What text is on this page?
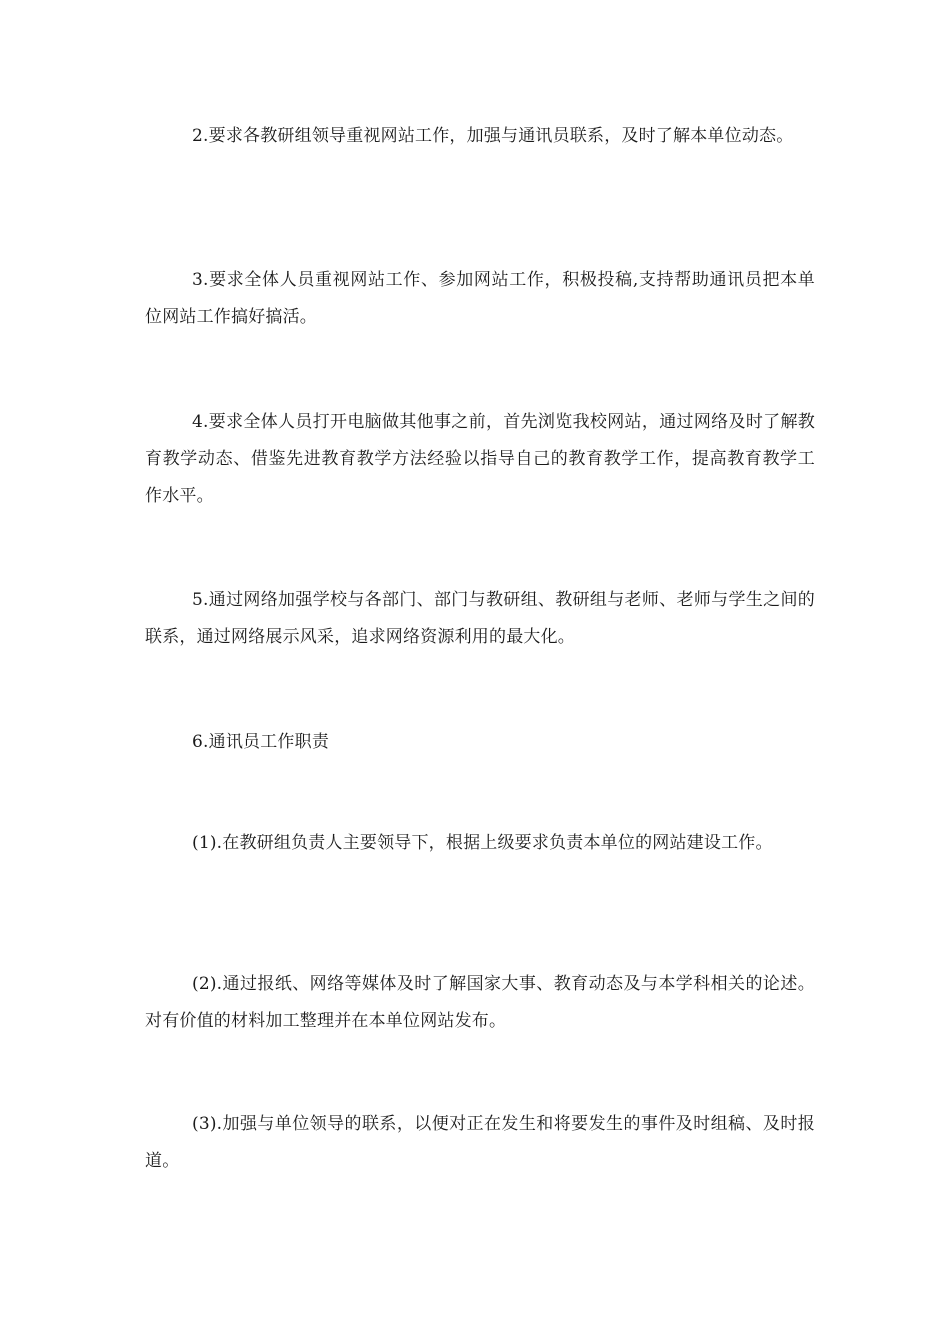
2.要求各教研组领导重视网站工作，加强与通讯员联系，及时了解本单位动态。

3.要求全体人员重视网站工作、参加网站工作，积极投稿,支持帮助通讯员把本单位网站工作搞好搞活。

4.要求全体人员打开电脑做其他事之前，首先浏览我校网站，通过网络及时了解教育教学动态、借鉴先进教育教学方法经验以指导自己的教育教学工作，提高教育教学工作水平。

5.通过网络加强学校与各部门、部门与教研组、教研组与老师、老师与学生之间的联系，通过网络展示风采，追求网络资源利用的最大化。

6.通讯员工作职责

(1).在教研组负责人主要领导下，根据上级要求负责本单位的网站建设工作。

(2).通过报纸、网络等媒体及时了解国家大事、教育动态及与本学科相关的论述。对有价值的材料加工整理并在本单位网站发布。

(3).加强与单位领导的联系，以便对正在发生和将要发生的事件及时组稿、及时报道。
